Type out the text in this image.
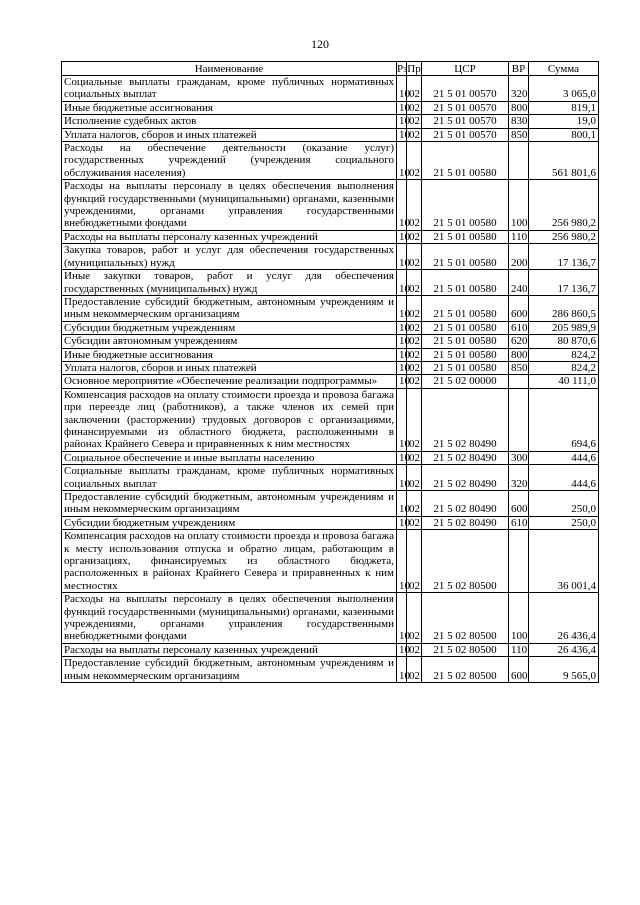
120
Наименование	Рз	Пр	ЦСР	ВР	Сумма
Социальные выплаты гражданам, кроме публичных нормативных социальных выплат	10	02	21 5 01 00570	320	3 065,0
Иные бюджетные ассигнования	10	02	21 5 01 00570	800	819,1
Исполнение судебных актов	10	02	21 5 01 00570	830	19,0
Уплата налогов, сборов и иных платежей	10	02	21 5 01 00570	850	800,1
Расходы на обеспечение деятельности (оказание услуг) государственных учреждений (учреждения социального обслуживания населения)	10	02	21 5 01 00580		561 801,6
Расходы на выплаты персоналу в целях обеспечения выполнения функций государственными (муниципальными) органами, казенными учреждениями, органами управления государственными внебюджетными фондами	10	02	21 5 01 00580	100	256 980,2
Расходы на выплаты персоналу казенных учреждений	10	02	21 5 01 00580	110	256 980,2
Закупка товаров, работ и услуг для обеспечения государственных (муниципальных) нужд	10	02	21 5 01 00580	200	17 136,7
Иные закупки товаров, работ и услуг для обеспечения государственных (муниципальных) нужд	10	02	21 5 01 00580	240	17 136,7
Предоставление субсидий бюджетным, автономным учреждениям и иным некоммерческим организациям	10	02	21 5 01 00580	600	286 860,5
Субсидии бюджетным учреждениям	10	02	21 5 01 00580	610	205 989,9
Субсидии автономным учреждениям	10	02	21 5 01 00580	620	80 870,6
Иные бюджетные ассигнования	10	02	21 5 01 00580	800	824,2
Уплата налогов, сборов и иных платежей	10	02	21 5 01 00580	850	824,2
Основное мероприятие «Обеспечение реализации подпрограммы»	10	02	21 5 02 00000		40 111,0
Компенсация расходов на оплату стоимости проезда и провоза багажа при переезде лиц (работников), а также членов их семей при заключении (расторжении) трудовых договоров с организациями, финансируемыми из областного бюджета, расположенными в районах Крайнего Севера и приравненных к ним местностях	10	02	21 5 02 80490		694,6
Социальное обеспечение и иные выплаты населению	10	02	21 5 02 80490	300	444,6
Социальные выплаты гражданам, кроме публичных нормативных социальных выплат	10	02	21 5 02 80490	320	444,6
Предоставление субсидий бюджетным, автономным учреждениям и иным некоммерческим организациям	10	02	21 5 02 80490	600	250,0
Субсидии бюджетным учреждениям	10	02	21 5 02 80490	610	250,0
Компенсация расходов на оплату стоимости проезда и провоза багажа к месту использования отпуска и обратно лицам, работающим в организациях, финансируемых из областного бюджета, расположенных в районах Крайнего Севера и приравненных к ним местностях	10	02	21 5 02 80500		36 001,4
Расходы на выплаты персоналу в целях обеспечения выполнения функций государственными (муниципальными) органами, казенными учреждениями, органами управления государственными внебюджетными фондами	10	02	21 5 02 80500	100	26 436,4
Расходы на выплаты персоналу казенных учреждений	10	02	21 5 02 80500	110	26 436,4
Предоставление субсидий бюджетным, автономным учреждениям и иным некоммерческим организациям	10	02	21 5 02 80500	600	9 565,0
